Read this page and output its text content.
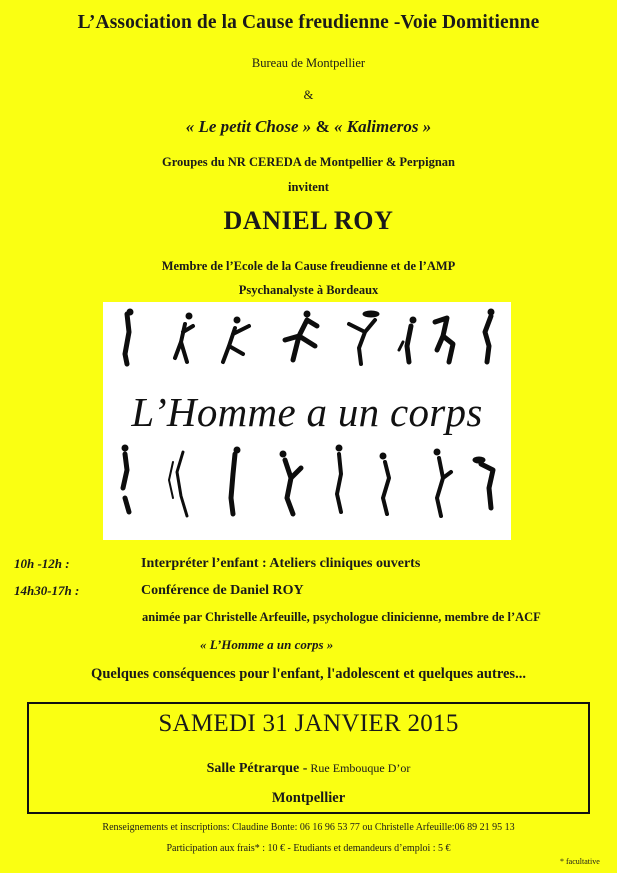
L’Association de la Cause freudienne -Voie Domitienne
Bureau de Montpellier
&
« Le petit Chose » & « Kalimeros »
Groupes du NR CEREDA de Montpellier & Perpignan
invitent
DANIEL ROY
Membre de l’Ecole de la Cause freudienne et de l’AMP
Psychanalyste à Bordeaux
L’Homme a un corps
10h -12h :	Interpréter l’enfant : Ateliers cliniques ouverts
14h30-17h :	Conférence de Daniel ROY
animée par Christelle Arfeuille, psychologue clinicienne, membre de l’ACF
« L’Homme a un corps »
Quelques conséquences pour l'enfant, l'adolescent et quelques autres...
SAMEDI 31 JANVIER 2015
Salle Pétrarque - Rue Embouque D’or
Montpellier
Renseignements et inscriptions: Claudine Bonte: 06 16 96 53 77 ou Christelle Arfeuille:06 89 21 95 13
Participation aux frais* : 10 € - Etudiants et demandeurs d’emploi : 5 €
* facultative
